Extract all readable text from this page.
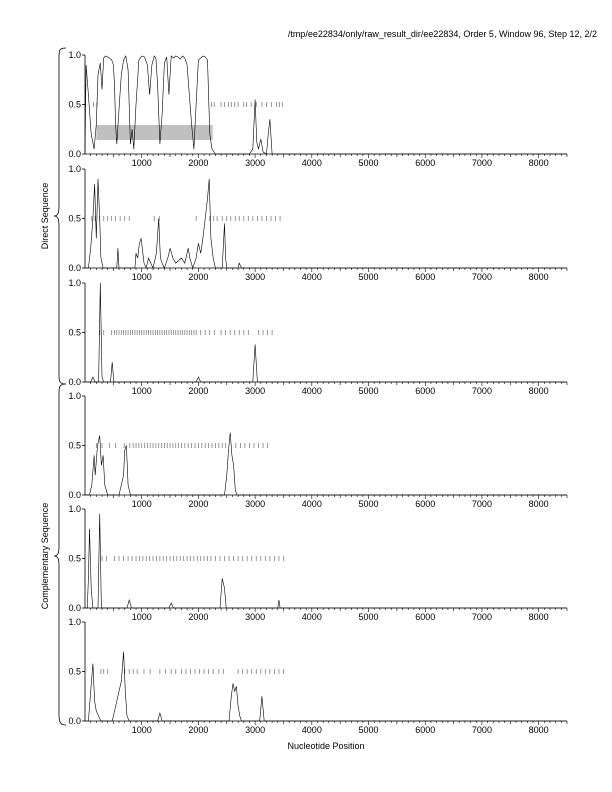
/tmp/ee22834/only/raw_result_dir/ee22834, Order 5, Window 96, Step 12, 2/2
Direct Sequence
Complementary Sequence
0.0
0.5
1.0
1000	2000	3000	4000	5000	6000	7000	8000
0.0
0.5
1.0
1000	2000	3000	4000	5000	6000	7000	8000
0.0
0.5
1.0
1000	2000	3000	4000	5000	6000	7000	8000
0.0
0.5
1.0
1000	2000	3000	4000	5000	6000	7000	8000
0.0
0.5
1.0
1000	2000	3000	4000	5000	6000	7000	8000
0.0
0.5
1.0
1000	2000	3000	4000	5000	6000	7000	8000
Nucleotide Position
